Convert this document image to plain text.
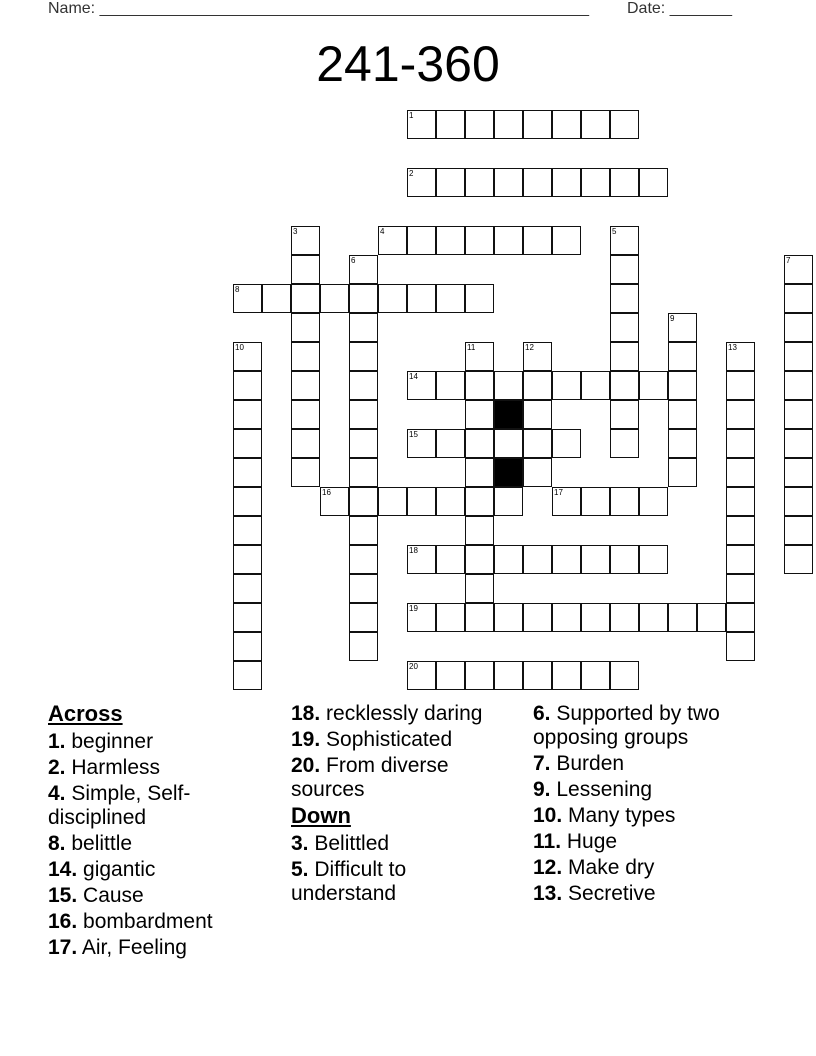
Name: _______________________________________________________ Date: _______
241-360
1
2
3	4	5
6	7
8
9
10	11	12	13
14
15
16	17
18
19
20
Across
1. beginner
2. Harmless
4. Simple, Self-disciplined
8. belittle
14. gigantic
15. Cause
16. bombardment
17. Air, Feeling
18. recklessly daring
19. Sophisticated
20. From diverse sources
Down
3. Belittled
5. Difficult to understand
6. Supported by two opposing groups
7. Burden
9. Lessening
10. Many types
11. Huge
12. Make dry
13. Secretive
